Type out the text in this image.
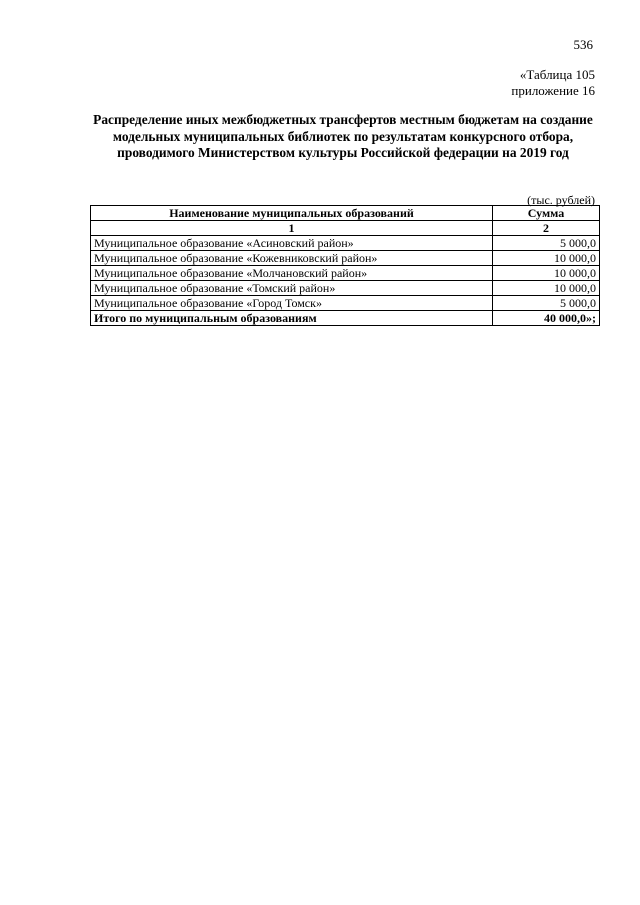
536
«Таблица 105
приложение 16
Распределение иных межбюджетных трансфертов местным бюджетам на создание модельных муниципальных библиотек по результатам конкурсного отбора, проводимого Министерством культуры Российской федерации на 2019 год
(тыс. рублей)
Наименование муниципальных образований	Сумма
1	2
Муниципальное образование «Асиновский район»	5 000,0
Муниципальное образование «Кожевниковский район»	10 000,0
Муниципальное образование «Молчановский район»	10 000,0
Муниципальное образование «Томский район»	10 000,0
Муниципальное образование «Город Томск»	5 000,0
Итого по муниципальным образованиям	40 000,0»;
